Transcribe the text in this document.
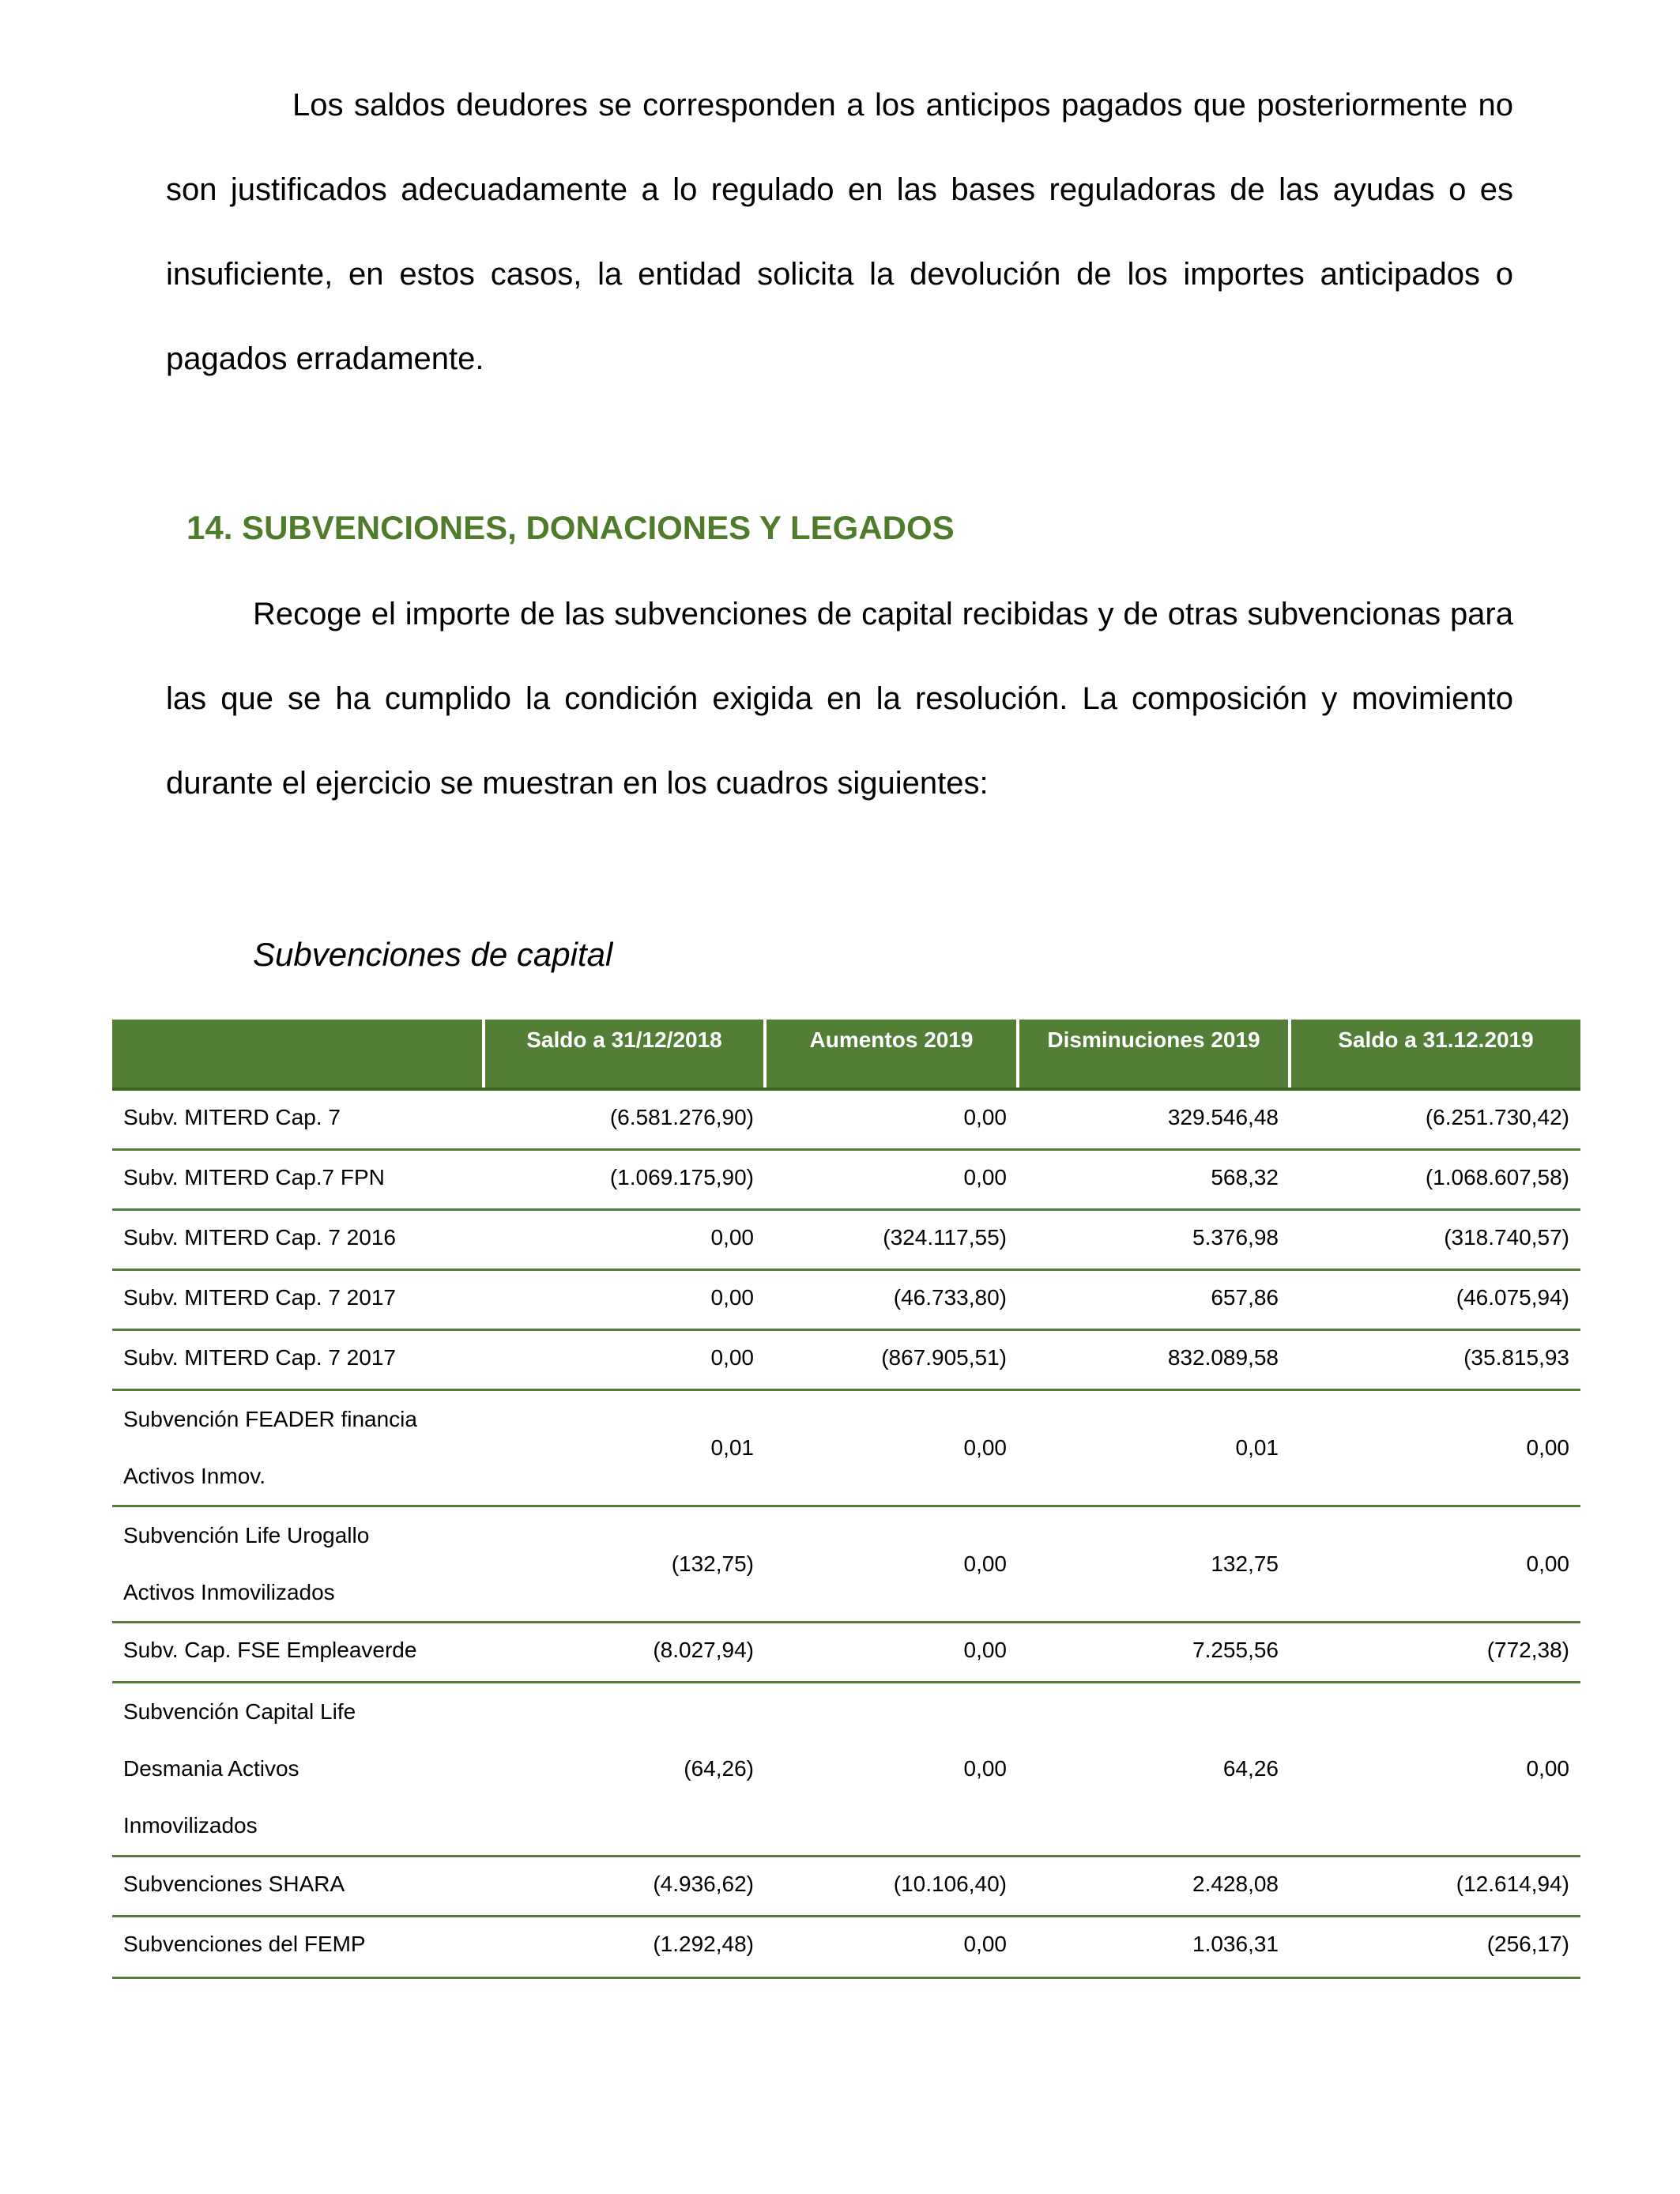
Los saldos deudores se corresponden a los anticipos pagados que posteriormente no son justificados adecuadamente a lo regulado en las bases reguladoras de las ayudas o es insuficiente, en estos casos, la entidad solicita la devolución de los importes anticipados o pagados erradamente.

14. SUBVENCIONES, DONACIONES Y LEGADOS

Recoge el importe de las subvenciones de capital recibidas y de otras subvencionas para las que se ha cumplido la condición exigida en la resolución. La composición y movimiento durante el ejercicio se muestran en los cuadros siguientes:

Subvenciones de capital

	Saldo a 31/12/2018	Aumentos 2019	Disminuciones 2019	Saldo a 31.12.2019
Subv. MITERD Cap. 7	(6.581.276,90)	0,00	329.546,48	(6.251.730,42)
Subv. MITERD Cap.7 FPN	(1.069.175,90)	0,00	568,32	(1.068.607,58)
Subv. MITERD Cap. 7 2016	0,00	(324.117,55)	5.376,98	(318.740,57)
Subv. MITERD Cap. 7 2017	0,00	(46.733,80)	657,86	(46.075,94)
Subv. MITERD Cap. 7 2017	0,00	(867.905,51)	832.089,58	(35.815,93

Subvención FEADER financia
Activos Inmov.	0,01	0,00	0,01	0,00

Subvención Life Urogallo
Activos Inmovilizados	(132,75)	0,00	132,75	0,00
Subv. Cap. FSE Empleaverde	(8.027,94)	0,00	7.255,56	(772,38)

Subvención Capital Life
Desmania Activos
Inmovilizados	(64,26)	0,00	64,26	0,00
Subvenciones SHARA	(4.936,62)	(10.106,40)	2.428,08	(12.614,94)
Subvenciones del FEMP	(1.292,48)	0,00	1.036,31	(256,17)
